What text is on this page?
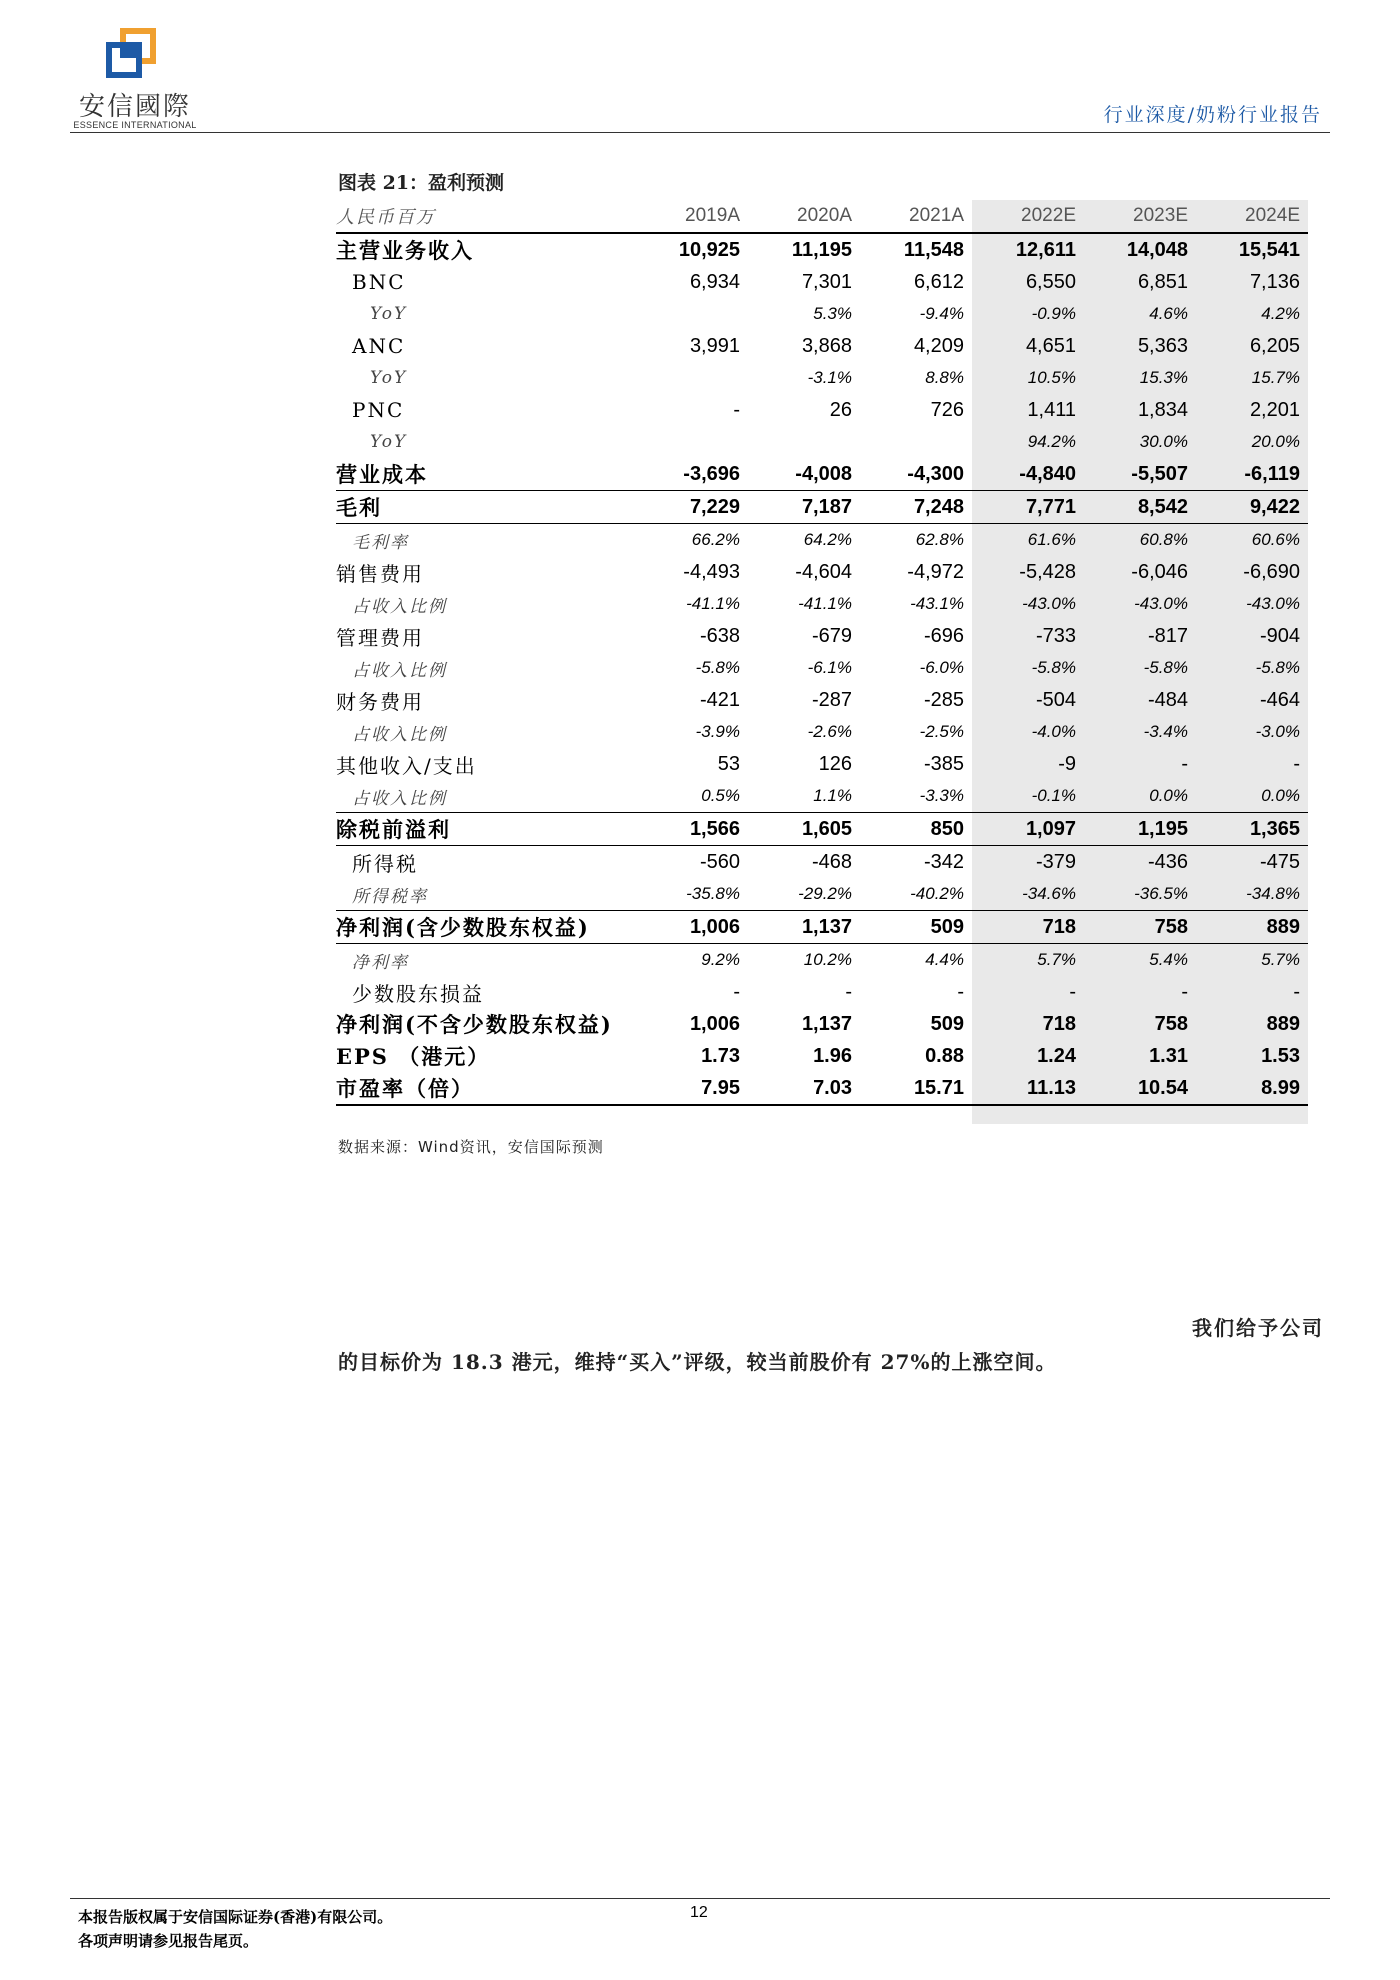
安信國際
ESSENCE INTERNATIONAL	行业深度/奶粉行业报告
图表 21：盈利预测
人民币百万	2019A	2020A	2021A	2022E	2023E	2024E
主营业务收入	10,925	11,195	11,548	12,611	14,048	15,541
BNC	6,934	7,301	6,612	6,550	6,851	7,136
YoY		5.3%	-9.4%	-0.9%	4.6%	4.2%
ANC	3,991	3,868	4,209	4,651	5,363	6,205
YoY		-3.1%	8.8%	10.5%	15.3%	15.7%
PNC	-	26	726	1,411	1,834	2,201
YoY				94.2%	30.0%	20.0%
营业成本	-3,696	-4,008	-4,300	-4,840	-5,507	-6,119
毛利	7,229	7,187	7,248	7,771	8,542	9,422
毛利率	66.2%	64.2%	62.8%	61.6%	60.8%	60.6%
销售费用	-4,493	-4,604	-4,972	-5,428	-6,046	-6,690
占收入比例	-41.1%	-41.1%	-43.1%	-43.0%	-43.0%	-43.0%
管理费用	-638	-679	-696	-733	-817	-904
占收入比例	-5.8%	-6.1%	-6.0%	-5.8%	-5.8%	-5.8%
财务费用	-421	-287	-285	-504	-484	-464
占收入比例	-3.9%	-2.6%	-2.5%	-4.0%	-3.4%	-3.0%
其他收入/支出	53	126	-385	-9	-	-
占收入比例	0.5%	1.1%	-3.3%	-0.1%	0.0%	0.0%
除税前溢利	1,566	1,605	850	1,097	1,195	1,365
所得税	-560	-468	-342	-379	-436	-475
所得税率	-35.8%	-29.2%	-40.2%	-34.6%	-36.5%	-34.8%
净利润(含少数股东权益)	1,006	1,137	509	718	758	889
净利率	9.2%	10.2%	4.4%	5.7%	5.4%	5.7%
少数股东损益	-	-	-	-	-	-
净利润(不含少数股东权益)	1,006	1,137	509	718	758	889
EPS （港元）	1.73	1.96	0.88	1.24	1.31	1.53
市盈率（倍）	7.95	7.03	15.71	11.13	10.54	8.99
数据来源：Wind资讯，安信国际预测
我们给予公司
的目标价为 18.3 港元，维持“买入”评级，较当前股价有 27%的上涨空间。
本报告版权属于安信国际证券(香港)有限公司。
各项声明请参见报告尾页。
12
